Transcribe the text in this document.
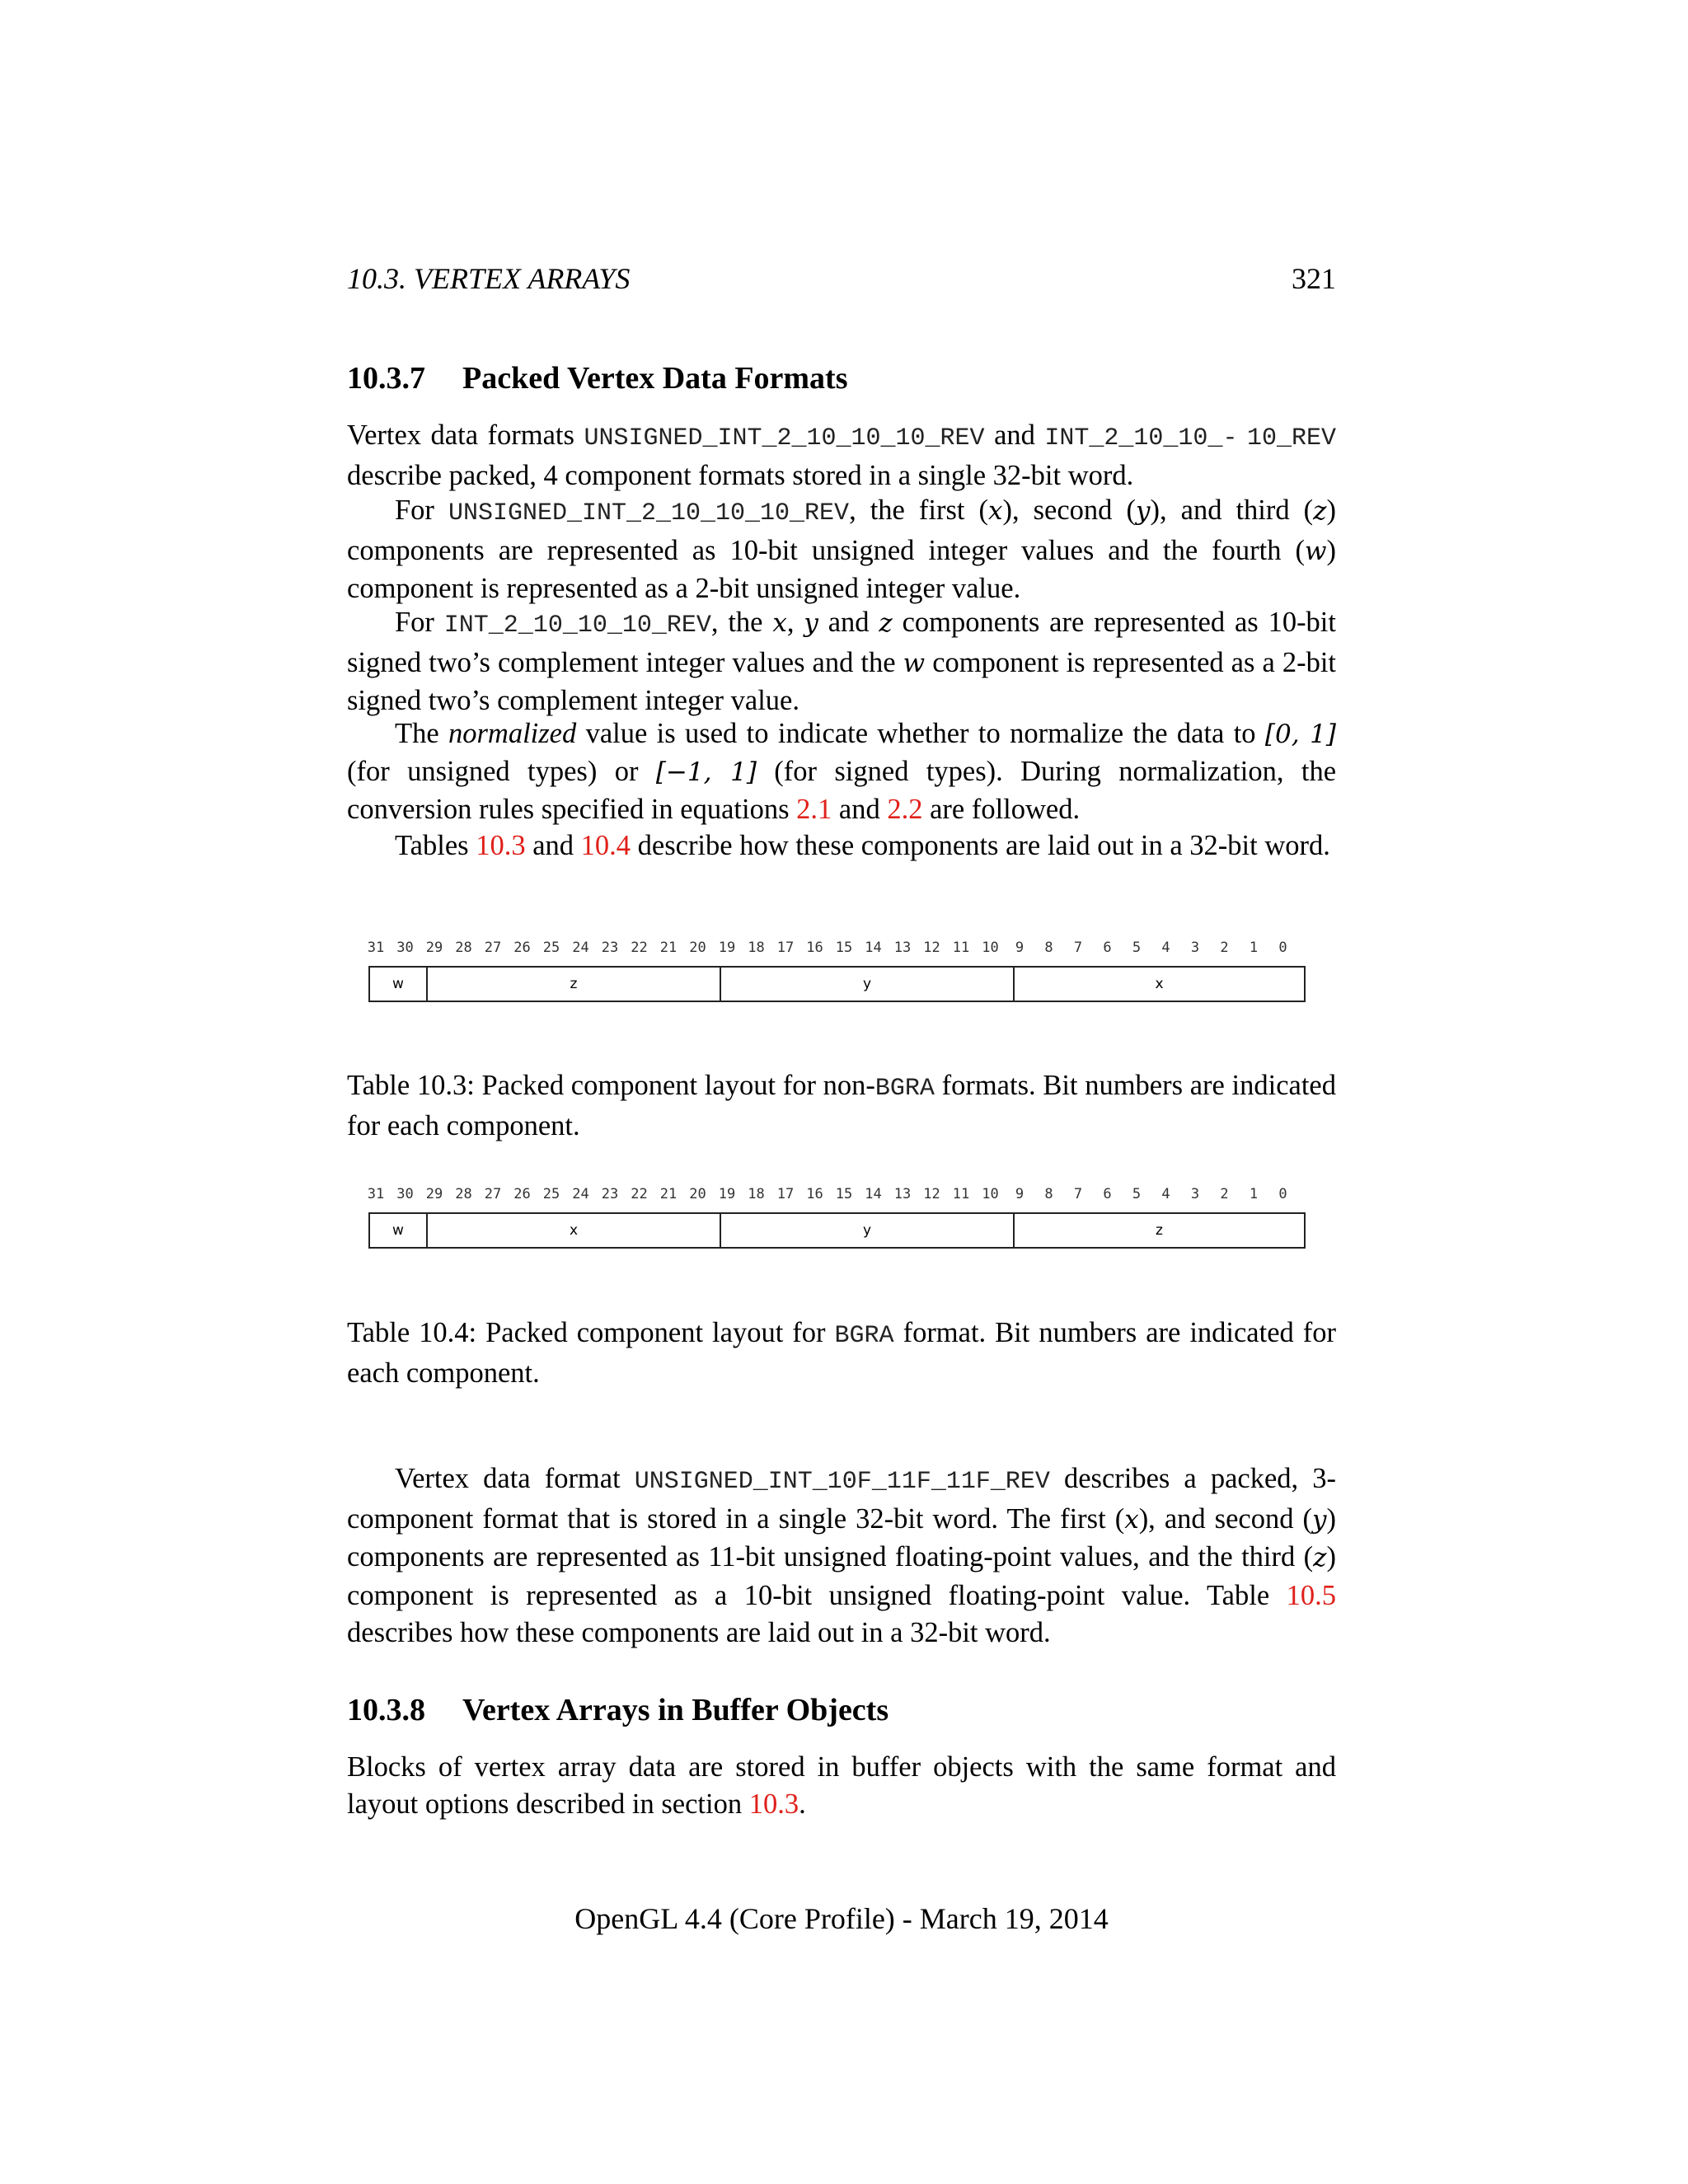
10.3. VERTEX ARRAYS	321
10.3.7 Packed Vertex Data Formats

Vertex data formats UNSIGNED_INT_2_10_10_10_REV and INT_2_10_10_- 10_REV describe packed, 4 component formats stored in a single 32-bit word.

For UNSIGNED_INT_2_10_10_10_REV, the first (x), second (y), and third (z) components are represented as 10-bit unsigned integer values and the fourth (w) component is represented as a 2-bit unsigned integer value.

For INT_2_10_10_10_REV, the x, y and z components are represented as 10-bit signed two’s complement integer values and the w component is represented as a 2-bit signed two’s complement integer value.

The normalized value is used to indicate whether to normalize the data to [0, 1] (for unsigned types) or [−1, 1] (for signed types). During normalization, the conversion rules specified in equations 2.1 and 2.2 are followed.

Tables 10.3 and 10.4 describe how these components are laid out in a 32-bit word.

31 30 29 28 27 26 25 24 23 22 21 20 19 18 17 16 15 14 13 12 11 10 9 8 7 6 5 4 3 2 1 0
w	z	y	x

Table 10.3: Packed component layout for non-BGRA formats. Bit numbers are indicated for each component.

31 30 29 28 27 26 25 24 23 22 21 20 19 18 17 16 15 14 13 12 11 10 9 8 7 6 5 4 3 2 1 0
w	x	y	z

Table 10.4: Packed component layout for BGRA format. Bit numbers are indicated for each component.

Vertex data format UNSIGNED_INT_10F_11F_11F_REV describes a packed, 3-component format that is stored in a single 32-bit word. The first (x), and second (y) components are represented as 11-bit unsigned floating-point values, and the third (z) component is represented as a 10-bit unsigned floating-point value. Table 10.5 describes how these components are laid out in a 32-bit word.

10.3.8 Vertex Arrays in Buffer Objects

Blocks of vertex array data are stored in buffer objects with the same format and layout options described in section 10.3.

OpenGL 4.4 (Core Profile) - March 19, 2014
